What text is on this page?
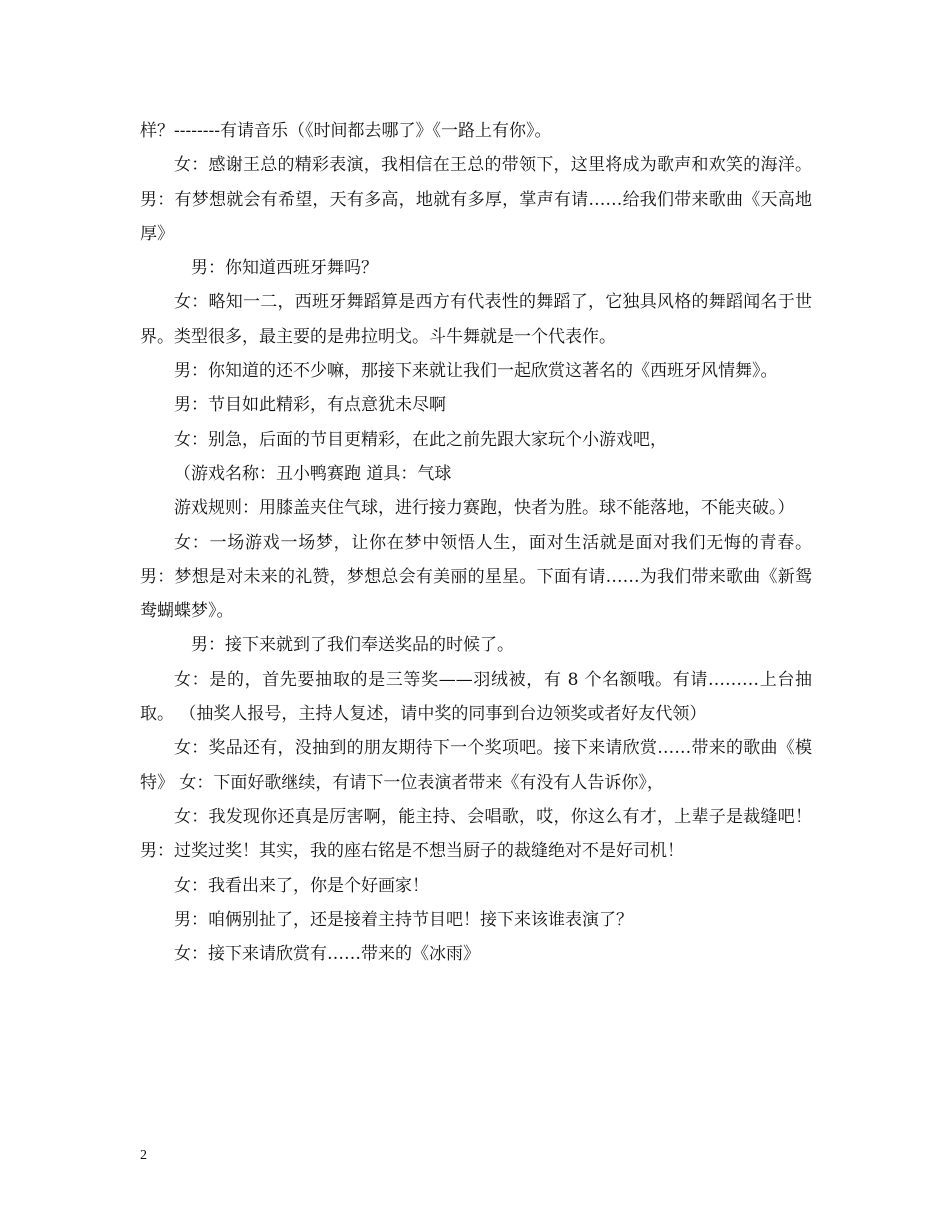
样？--------有请音乐（《时间都去哪了》《一路上有你》。

女：感谢王总的精彩表演，我相信在王总的带领下，这里将成为歌声和欢笑的海洋。 男：有梦想就会有希望，天有多高，地就有多厚，掌声有请……给我们带来歌曲《天高地厚》

男：你知道西班牙舞吗？

女：略知一二，西班牙舞蹈算是西方有代表性的舞蹈了，它独具风格的舞蹈闻名于世界。类型很多，最主要的是弗拉明戈。斗牛舞就是一个代表作。

男：你知道的还不少嘛，那接下来就让我们一起欣赏这著名的《西班牙风情舞》。

男：节目如此精彩，有点意犹未尽啊

女：别急，后面的节目更精彩，在此之前先跟大家玩个小游戏吧，

（游戏名称：丑小鸭赛跑 道具：气球

游戏规则：用膝盖夹住气球，进行接力赛跑，快者为胜。球不能落地，不能夹破。）

女：一场游戏一场梦，让你在梦中领悟人生，面对生活就是面对我们无悔的青春。 男：梦想是对未来的礼赞，梦想总会有美丽的星星。下面有请……为我们带来歌曲《新鸳鸯蝴蝶梦》。

男：接下来就到了我们奉送奖品的时候了。

女：是的，首先要抽取的是三等奖——羽绒被，有 8 个名额哦。有请………上台抽取。 （抽奖人报号，主持人复述，请中奖的同事到台边领奖或者好友代领）

女：奖品还有，没抽到的朋友期待下一个奖项吧。接下来请欣赏……带来的歌曲《模特》 女：下面好歌继续，有请下一位表演者带来《有没有人告诉你》，

女：我发现你还真是厉害啊，能主持、会唱歌，哎，你这么有才，上辈子是裁缝吧！ 男：过奖过奖！其实，我的座右铭是不想当厨子的裁缝绝对不是好司机！

女：我看出来了，你是个好画家！

男：咱俩别扯了，还是接着主持节目吧！接下来该谁表演了？

女：接下来请欣赏有……带来的《冰雨》

2
